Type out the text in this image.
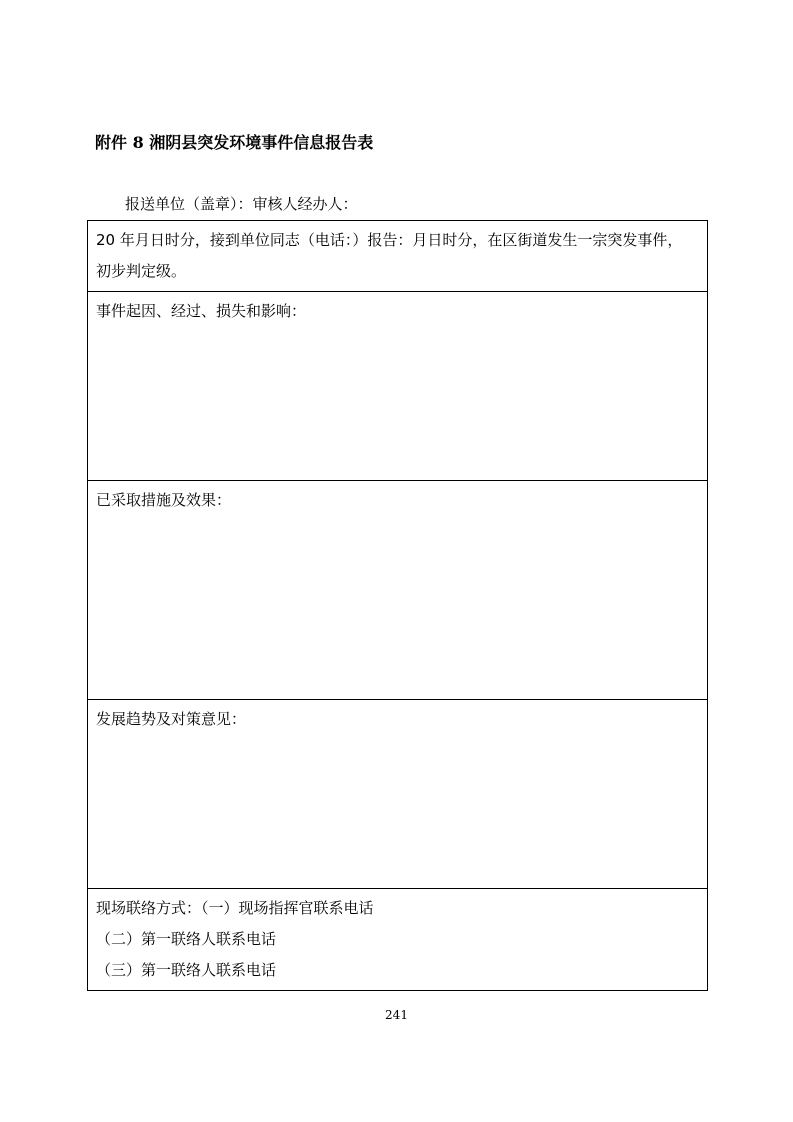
附件 8 湘阴县突发环境事件信息报告表
报送单位（盖章）：审核人经办人：
20 年月日时分，接到单位同志（电话：）报告：月日时分，在区街道发生一宗突发事件，
初步判定级。

事件起因、经过、损失和影响：

已采取措施及效果：

发展趋势及对策意见：

现场联络方式：（一）现场指挥官联系电话
（二）第一联络人联系电话
（三）第一联络人联系电话
241
